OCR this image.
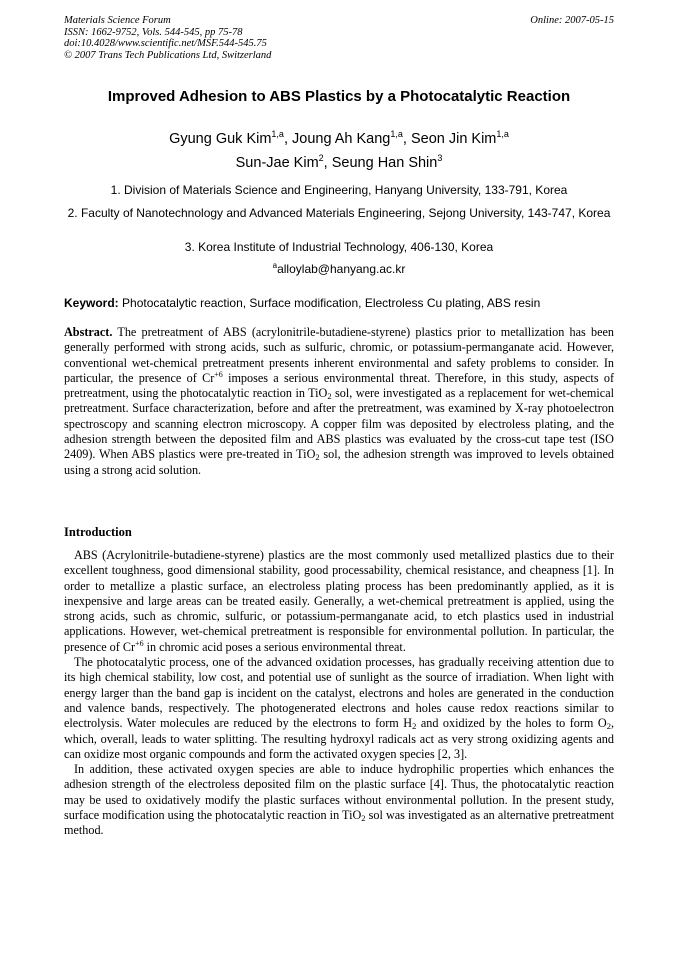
Materials Science Forum
ISSN: 1662-9752, Vols. 544-545, pp 75-78
doi:10.4028/www.scientific.net/MSF.544-545.75
© 2007 Trans Tech Publications Ltd, Switzerland
Online: 2007-05-15
Improved Adhesion to ABS Plastics by a Photocatalytic Reaction
Gyung Guk Kim$^{1,a}$, Joung Ah Kang$^{1,a}$, Seon Jin Kim$^{1,a}$
Sun-Jae Kim$^2$, Seung Han Shin$^3$
1. Division of Materials Science and Engineering, Hanyang University, 133-791, Korea
2. Faculty of Nanotechnology and Advanced Materials Engineering, Sejong University, 143-747, Korea
3. Korea Institute of Industrial Technology, 406-130, Korea
$^a$alloylab@hanyang.ac.kr
Keyword: Photocatalytic reaction, Surface modification, Electroless Cu plating, ABS resin

Abstract. The pretreatment of ABS (acrylonitrile-butadiene-styrene) plastics prior to metallization has been generally performed with strong acids, such as sulfuric, chromic, or potassium-permanganate acid. However, conventional wet-chemical pretreatment presents inherent environmental and safety problems to consider. In particular, the presence of $Cr^{+6}$ imposes a serious environmental threat. Therefore, in this study, aspects of pretreatment, using the photocatalytic reaction in TiO$_2$ sol, were investigated as a replacement for wet-chemical pretreatment. Surface characterization, before and after the pretreatment, was examined by X-ray photoelectron spectroscopy and scanning electron microscopy. A copper film was deposited by electroless plating, and the adhesion strength between the deposited film and ABS plastics was evaluated by the cross-cut tape test (ISO 2409). When ABS plastics were pre-treated in TiO$_2$ sol, the adhesion strength was improved to levels obtained using a strong acid solution.

Introduction

ABS (Acrylonitrile-butadiene-styrene) plastics are the most commonly used metallized plastics due to their excellent toughness, good dimensional stability, good processability, chemical resistance, and cheapness [1]. In order to metallize a plastic surface, an electroless plating process has been predominantly applied, as it is inexpensive and large areas can be treated easily. Generally, a wet-chemical pretreatment is applied, using the strong acids, such as chromic, sulfuric, or potassium-permanganate acid, to etch plastics used in industrial applications. However, wet-chemical pretreatment is responsible for environmental pollution. In particular, the presence of $Cr^{+6}$ in chromic acid poses a serious environmental threat.

The photocatalytic process, one of the advanced oxidation processes, has gradually receiving attention due to its high chemical stability, low cost, and potential use of sunlight as the source of irradiation. When light with energy larger than the band gap is incident on the catalyst, electrons and holes are generated in the conduction and valence bands, respectively. The photogenerated electrons and holes cause redox reactions similar to electrolysis. Water molecules are reduced by the electrons to form $H_2$ and oxidized by the holes to form $O_2$, which, overall, leads to water splitting. The resulting hydroxyl radicals act as very strong oxidizing agents and can oxidize most organic compounds and form the activated oxygen species [2, 3].

In addition, these activated oxygen species are able to induce hydrophilic properties which enhances the adhesion strength of the electroless deposited film on the plastic surface [4]. Thus, the photocatalytic reaction may be used to oxidatively modify the plastic surfaces without environmental pollution. In the present study, surface modification using the photocatalytic reaction in TiO$_2$ sol was investigated as an alternative pretreatment method.
